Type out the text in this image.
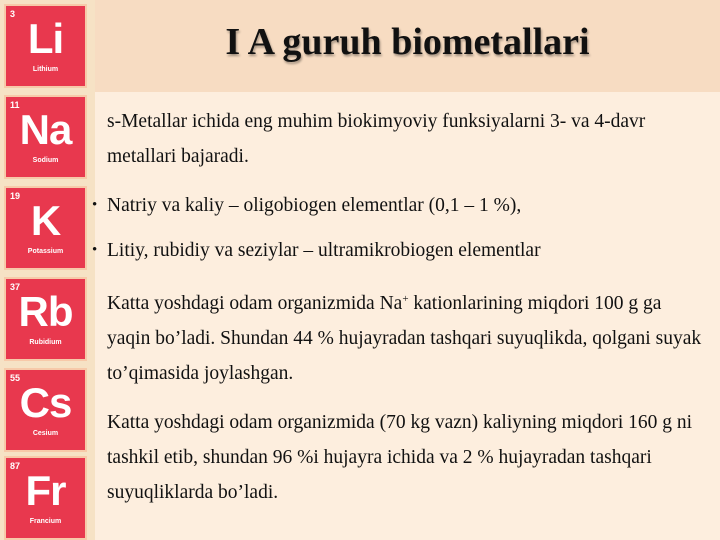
3
Li
Lithium
11
Na
Sodium
19
K
Potassium
37
Rb
Rubidium
55
Cs
Cesium
87
Fr
Francium
I A guruh biometallari

s-Metallar ichida eng muhim biokimyoviy funksiyalarni 3- va 4-davr metallari bajaradi.

• Natriy va kaliy – oligobiogen elementlar (0,1 – 1 %),

• Litiy, rubidiy va seziylar – ultramikrobiogen elementlar

Katta yoshdagi odam organizmida Na+ kationlarining miqdori 100 g ga yaqin bo’ladi. Shundan 44 % hujayradan tashqari suyuqlikda, qolgani suyak to’qimasida joylashgan.

Katta yoshdagi odam organizmida (70 kg vazn) kaliyning miqdori 160 g ni tashkil etib, shundan 96 %i hujayra ichida va 2 % hujayradan tashqari suyuqliklarda bo’ladi.
